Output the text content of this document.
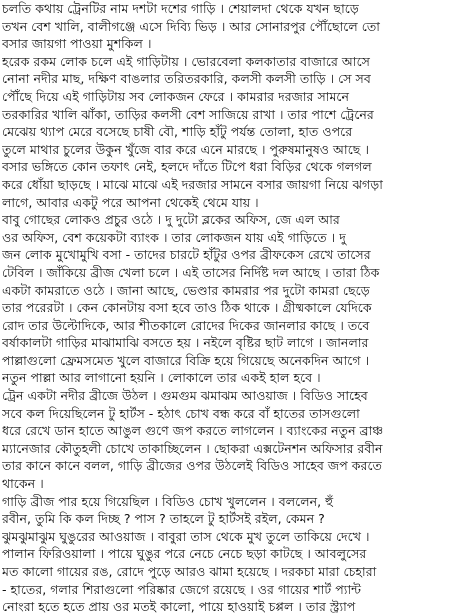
চলতি কথায় ট্রেনটির নাম দশটা দশের গাড়ি । শেয়ালদা থেকে যখন ছাড়ে
তখন বেশ খালি, বালীগঞ্জে এসে দিব্যি ভিড় । আর সোনারপুর পৌঁছোলে তো
বসার জায়গা পাওয়া মুশকিল ।
হরেক রকম লোক চলে এই গাড়িটায় । ভোরবেলা কলকাতার বাজারে আসে
নোনা নদীর মাছ, দক্ষিণ বাঙলার তরিতরকারি, কলসী কলসী তাড়ি । সে সব
পৌঁছে দিয়ে এই গাড়িটায় সব লোকজন ফেরে । কামরার দরজার সামনে
তরকারির খালি ঝাঁকা, তাড়ির কলসী বেশ সাজিয়ে রাখা । তার পাশে ট্রেনের
মেঝেয় থ্যাপ মেরে বসেছে চাষী বৌ, শাড়ি হাঁটু পর্যন্ত তোলা, হাত ওপরে
তুলে মাথার চুলের উকুন খুঁজে বার করে এনে মারছে । পুরুষমানুষও আছে ।
বসার ভঙ্গিতে কোন তফাৎ নেই, হলদে দাঁতে টিপে ধরা বিড়ির থেকে গলগল
করে ধোঁয়া ছাড়ছে । মাঝে মাঝে এই দরজার সামনে বসার জায়গা নিয়ে ঝগড়া
লাগে, আবার একটু পরে আপনা থেকেই থেমে যায় ।
বাবু গোছের লোকও প্রচুর ওঠে । দু দুটো ব্লকের অফিস, জে এল আর
ওর অফিস, বেশ কয়েকটা ব্যাংক । তার লোকজন যায় এই গাড়িতে । দু
জন লোক মুখোমুখি বসা - তাদের চারটে হাঁটুর ওপর ব্রীফকেস রেখে তাসের
টেবিল । জাঁকিয়ে ব্রীজ খেলা চলে । এই তাসের নির্দিষ্ট দল আছে । তারা ঠিক
একটা কামরাতে ওঠে । জানা আছে, ভেণ্ডার কামরার পর দুটো কামরা ছেড়ে
তার পরেরটা । কেন কোনটায় বসা হবে তাও ঠিক থাকে । গ্রীষ্মকালে যেদিকে
রোদ তার উল্টোদিকে, আর শীতকালে রোদের দিকের জানলার কাছে । তবে
বর্ষাকালটা গাড়ির মাঝামাঝি বসতে হয় । নইলে বৃষ্টির ছাট লাগে । জানলার
পাল্লাগুলো ফ্রেমসমেত খুলে বাজারে বিক্রি হয়ে গিয়েছে অনেকদিন আগে ।
নতুন পাল্লা আর লাগানো হয়নি । লোকালে তার একই হাল হবে ।
ট্রেন একটা নদীর ব্রীজে উঠল । গুমগুম ঝমাঝম আওয়াজ । বিডিও সাহেব
সবে কল দিয়েছিলেন টু হার্টস - হঠাৎ চোখ বন্ধ করে বাঁ হাতের তাসগুলো
ধরে রেখে ডান হাতে আঙুল গুণে জপ করতে লাগলেন । ব্যাংকের নতুন ব্রাঞ্চ
ম্যানেজার কৌতুহলী চোখে তাকাচ্ছিলেন । ছোকরা এক্সটেনশন অফিসার রবীন
তার কানে কানে বলল, গাড়ি ব্রীজের ওপর উঠলেই বিডিও সাহেব জপ করতে
থাকেন ।
গাড়ি ব্রীজ পার হয়ে গিয়েছিল । বিডিও চোখ খুললেন । বললেন, হুঁ
রবীন, তুমি কি কল দিচ্ছ ? পাস ? তাহলে টু হার্টসই রইল, কেমন ?
ঝুমঝুমাঝুম ঘুঙুরের আওয়াজ । বাবুরা তাস থেকে মুখ তুলে তাকিয়ে দেখে ।
পালান ফিরিওয়ালা । পায়ে ঘুঙুর পরে নেচে নেচে ছড়া কাটছে । আবলুসের
মত কালো গায়ের রঙ, রোদে পুড়ে আরও ঝামা হয়েছে । দরকচা মারা চেহারা
- হাতের, গলার শিরাগুলো পরিষ্কার জেগে রয়েছে । ওর গায়ের শার্ট প্যান্ট
নোংরা হতে হতে প্রায় ওর মতই কালো, পায়ে হাওয়াই চপ্পল । তার স্ট্র্যাপ
